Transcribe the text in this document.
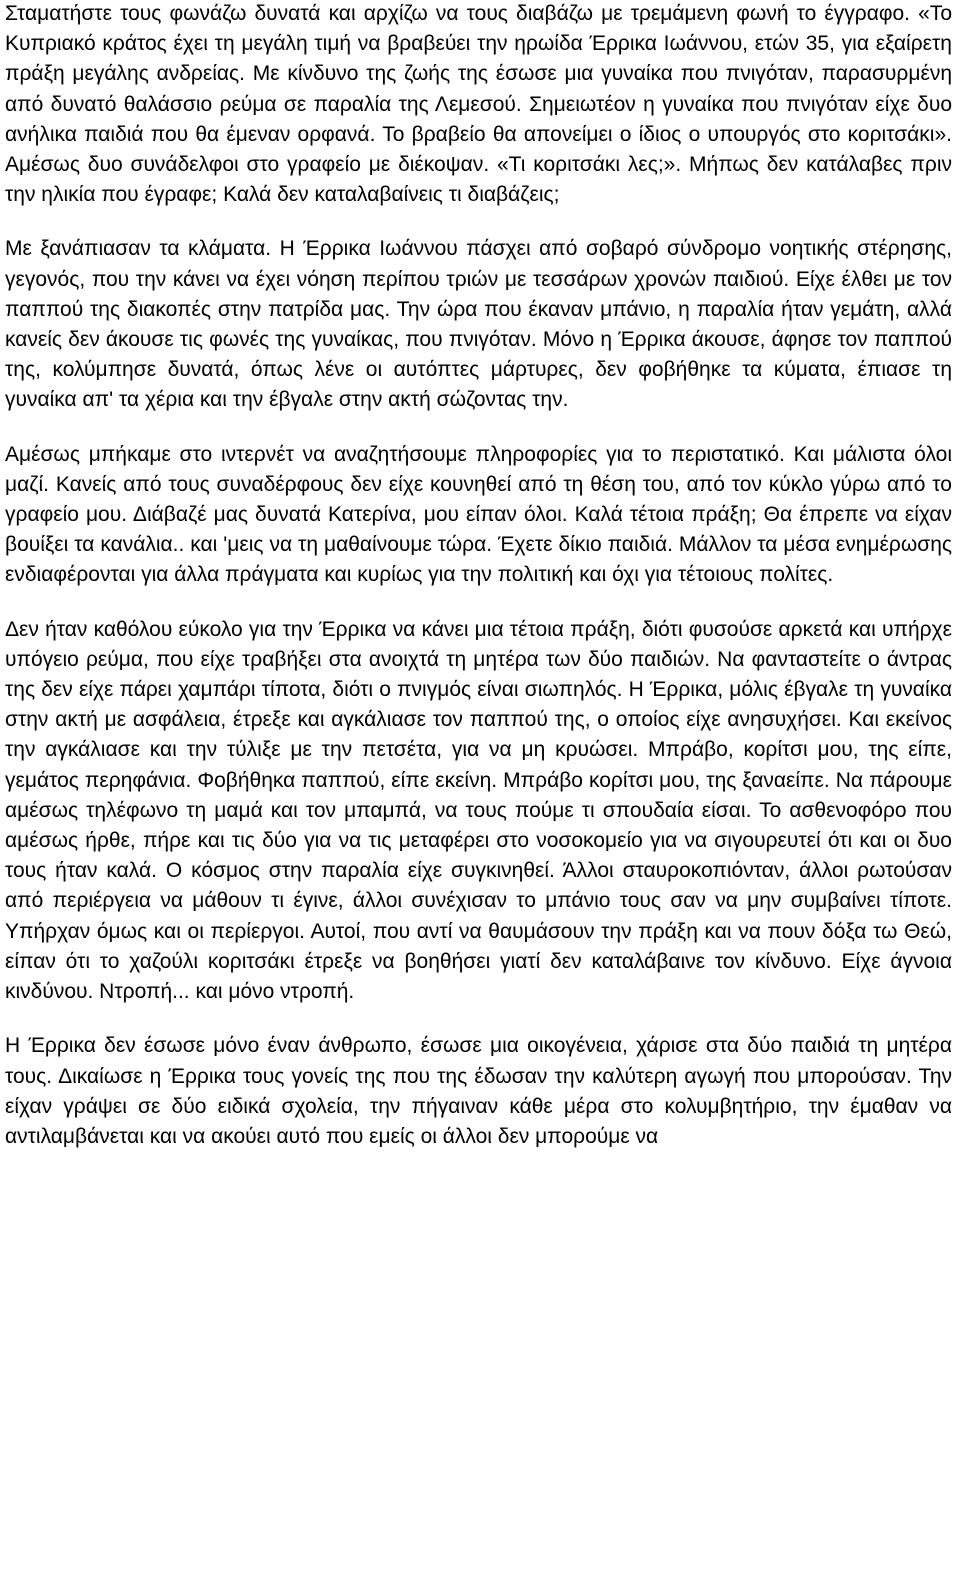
Σταματήστε τους φωνάζω δυνατά και αρχίζω να τους διαβάζω με τρεμάμενη φωνή το έγγραφο. «Το Κυπριακό κράτος έχει τη μεγάλη τιμή να βραβεύει την ηρωίδα Έρρικα Ιωάννου, ετών 35, για εξαίρετη πράξη μεγάλης ανδρείας. Με κίνδυνο της ζωής της έσωσε μια γυναίκα που πνιγόταν, παρασυρμένη από δυνατό θαλάσσιο ρεύμα σε παραλία της Λεμεσού. Σημειωτέον η γυναίκα που πνιγόταν είχε δυο ανήλικα παιδιά που θα έμεναν ορφανά. Το βραβείο θα απονείμει ο ίδιος ο υπουργός στο κοριτσάκι». Αμέσως δυο συνάδελφοι στο γραφείο με διέκοψαν. «Τι κοριτσάκι λες;». Μήπως δεν κατάλαβες πριν την ηλικία που έγραφε; Καλά δεν καταλαβαίνεις τι διαβάζεις;

Με ξανάπιασαν τα κλάματα. Η Έρρικα Ιωάννου πάσχει από σοβαρό σύνδρομο νοητικής στέρησης, γεγονός, που την κάνει να έχει νόηση περίπου τριών με τεσσάρων χρονών παιδιού. Είχε έλθει με τον παππού της διακοπές στην πατρίδα μας. Την ώρα που έκαναν μπάνιο, η παραλία ήταν γεμάτη, αλλά κανείς δεν άκουσε τις φωνές της γυναίκας, που πνιγόταν. Μόνο η Έρρικα άκουσε, άφησε τον παππού της, κολύμπησε δυνατά, όπως λένε οι αυτόπτες μάρτυρες, δεν φοβήθηκε τα κύματα, έπιασε τη γυναίκα απ' τα χέρια και την έβγαλε στην ακτή σώζοντας την.

Αμέσως μπήκαμε στο ιντερνέτ να αναζητήσουμε πληροφορίες για το περιστατικό. Και μάλιστα όλοι μαζί. Κανείς από τους συναδέρφους δεν είχε κουνηθεί από τη θέση του, από τον κύκλο γύρω από το γραφείο μου. Διάβαζέ μας δυνατά Κατερίνα, μου είπαν όλοι. Καλά τέτοια πράξη; Θα έπρεπε να είχαν βουίξει τα κανάλια.. και 'μεις να τη μαθαίνουμε τώρα. Έχετε δίκιο παιδιά. Μάλλον τα μέσα ενημέρωσης ενδιαφέρονται για άλλα πράγματα και κυρίως για την πολιτική και όχι για τέτοιους πολίτες.

Δεν ήταν καθόλου εύκολο για την Έρρικα να κάνει μια τέτοια πράξη, διότι φυσούσε αρκετά και υπήρχε υπόγειο ρεύμα, που είχε τραβήξει στα ανοιχτά τη μητέρα των δύο παιδιών. Να φανταστείτε ο άντρας της δεν είχε πάρει χαμπάρι τίποτα, διότι ο πνιγμός είναι σιωπηλός. Η Έρρικα, μόλις έβγαλε τη γυναίκα στην ακτή με ασφάλεια, έτρεξε και αγκάλιασε τον παππού της, ο οποίος είχε ανησυχήσει. Και εκείνος την αγκάλιασε και την τύλιξε με την πετσέτα, για να μη κρυώσει. Μπράβο, κορίτσι μου, της είπε, γεμάτος περηφάνια. Φοβήθηκα παππού, είπε εκείνη. Μπράβο κορίτσι μου, της ξαναείπε. Να πάρουμε αμέσως τηλέφωνο τη μαμά και τον μπαμπά, να τους πούμε τι σπουδαία είσαι. Το ασθενοφόρο που αμέσως ήρθε, πήρε και τις δύο για να τις μεταφέρει στο νοσοκομείο για να σιγουρευτεί ότι και οι δυο τους ήταν καλά. Ο κόσμος στην παραλία είχε συγκινηθεί. Άλλοι σταυροκοπιόνταν, άλλοι ρωτούσαν από περιέργεια να μάθουν τι έγινε, άλλοι συνέχισαν το μπάνιο τους σαν να μην συμβαίνει τίποτε. Υπήρχαν όμως και οι περίεργοι. Αυτοί, που αντί να θαυμάσουν την πράξη και να πουν δόξα τω Θεώ, είπαν ότι το χαζούλι κοριτσάκι έτρεξε να βοηθήσει γιατί δεν καταλάβαινε τον κίνδυνο. Είχε άγνοια κινδύνου. Ντροπή... και μόνο ντροπή.

Η Έρρικα δεν έσωσε μόνο έναν άνθρωπο, έσωσε μια οικογένεια, χάρισε στα δύο παιδιά τη μητέρα τους. Δικαίωσε η Έρρικα τους γονείς της που της έδωσαν την καλύτερη αγωγή που μπορούσαν. Την είχαν γράψει σε δύο ειδικά σχολεία, την πήγαιναν κάθε μέρα στο κολυμβητήριο, την έμαθαν να αντιλαμβάνεται και να ακούει αυτό που εμείς οι άλλοι δεν μπορούμε να
